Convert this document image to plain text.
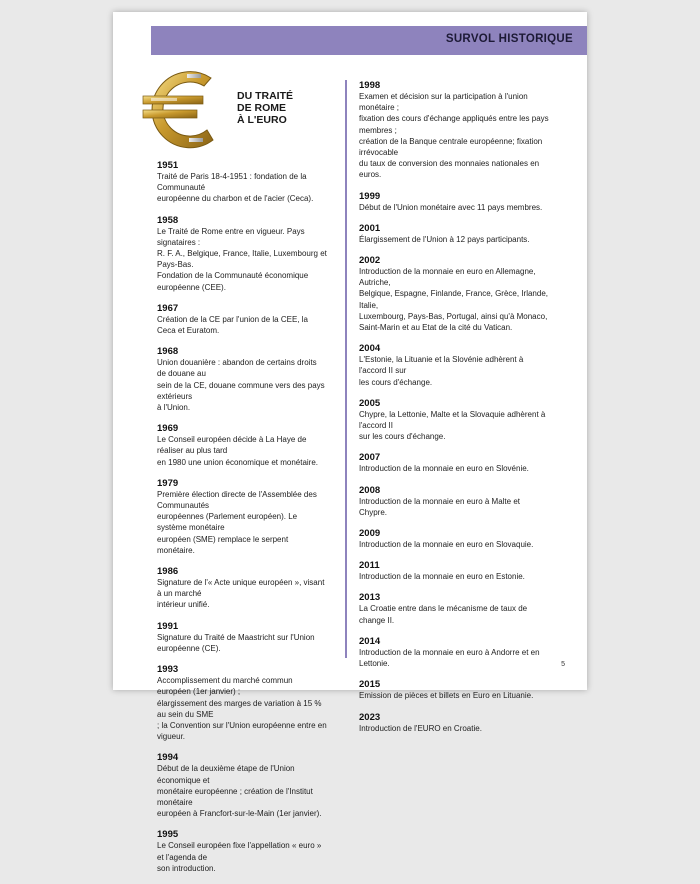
SURVOL HISTORIQUE
DU TRAITÉ
DE ROME
À L'EURO
1951
Traité de Paris 18-4-1951 : fondation de la Communauté
européenne du charbon et de l'acier (Ceca).
1958
Le Traité de Rome entre en vigueur. Pays signataires :
R. F. A., Belgique, France, Italie, Luxembourg et Pays-Bas.
Fondation de la Communauté économique européenne (CEE).
1967
Création de la CE par l'union de la CEE, la Ceca et Euratom.
1968
Union douanière : abandon de certains droits de douane au
sein de la CE, douane commune vers des pays extérieurs
à l'Union.
1969
Le Conseil européen décide à La Haye de réaliser au plus tard
en 1980 une union économique et monétaire.
1979
Première élection directe de l'Assemblée des Communautés
européennes (Parlement européen). Le système monétaire
européen (SME) remplace le serpent monétaire.
1986
Signature de l'« Acte unique européen », visant à un marché
intérieur unifié.
1991
Signature du Traité de Maastricht sur l'Union européenne (CE).
1993
Accomplissement du marché commun européen (1er janvier) ;
élargissement des marges de variation à 15 % au sein du SME
; la Convention sur l'Union européenne entre en vigueur.
1994
Début de la deuxième étape de l'Union économique et
monétaire européenne ; création de l'Institut monétaire
européen à Francfort-sur-le-Main (1er janvier).
1995
Le Conseil européen fixe l'appellation « euro » et l'agenda de
son introduction.
1998
Examen et décision sur la participation à l'union monétaire ;
fixation des cours d'échange appliqués entre les pays membres ;
création de la Banque centrale européenne; fixation irrévocable
du taux de conversion des monnaies nationales en euros.
1999
Début de l'Union monétaire avec 11 pays membres.
2001
Élargissement de l'Union à 12 pays participants.
2002
Introduction de la monnaie en euro en Allemagne, Autriche,
Belgique, Espagne, Finlande, France, Grèce, Irlande, Italie,
Luxembourg, Pays-Bas, Portugal, ainsi qu'à Monaco,
Saint-Marin et au Etat de la cité du Vatican.
2004
L'Estonie, la Lituanie et la Slovénie adhèrent à l'accord II sur
les cours d'échange.
2005
Chypre, la Lettonie, Malte et la Slovaquie adhèrent à l'accord II
sur les cours d'échange.
2007
Introduction de la monnaie en euro en Slovénie.
2008
Introduction de la monnaie en euro à Malte et Chypre.
2009
Introduction de la monnaie en euro en Slovaquie.
2011
Introduction de la monnaie en euro en Estonie.
2013
La Croatie entre dans le mécanisme de taux de change II.
2014
Introduction de la monnaie en euro à Andorre et en Lettonie.
2015
Emission de pièces et billets en Euro en Lituanie.
2023
Introduction de l'EURO en Croatie.
5
